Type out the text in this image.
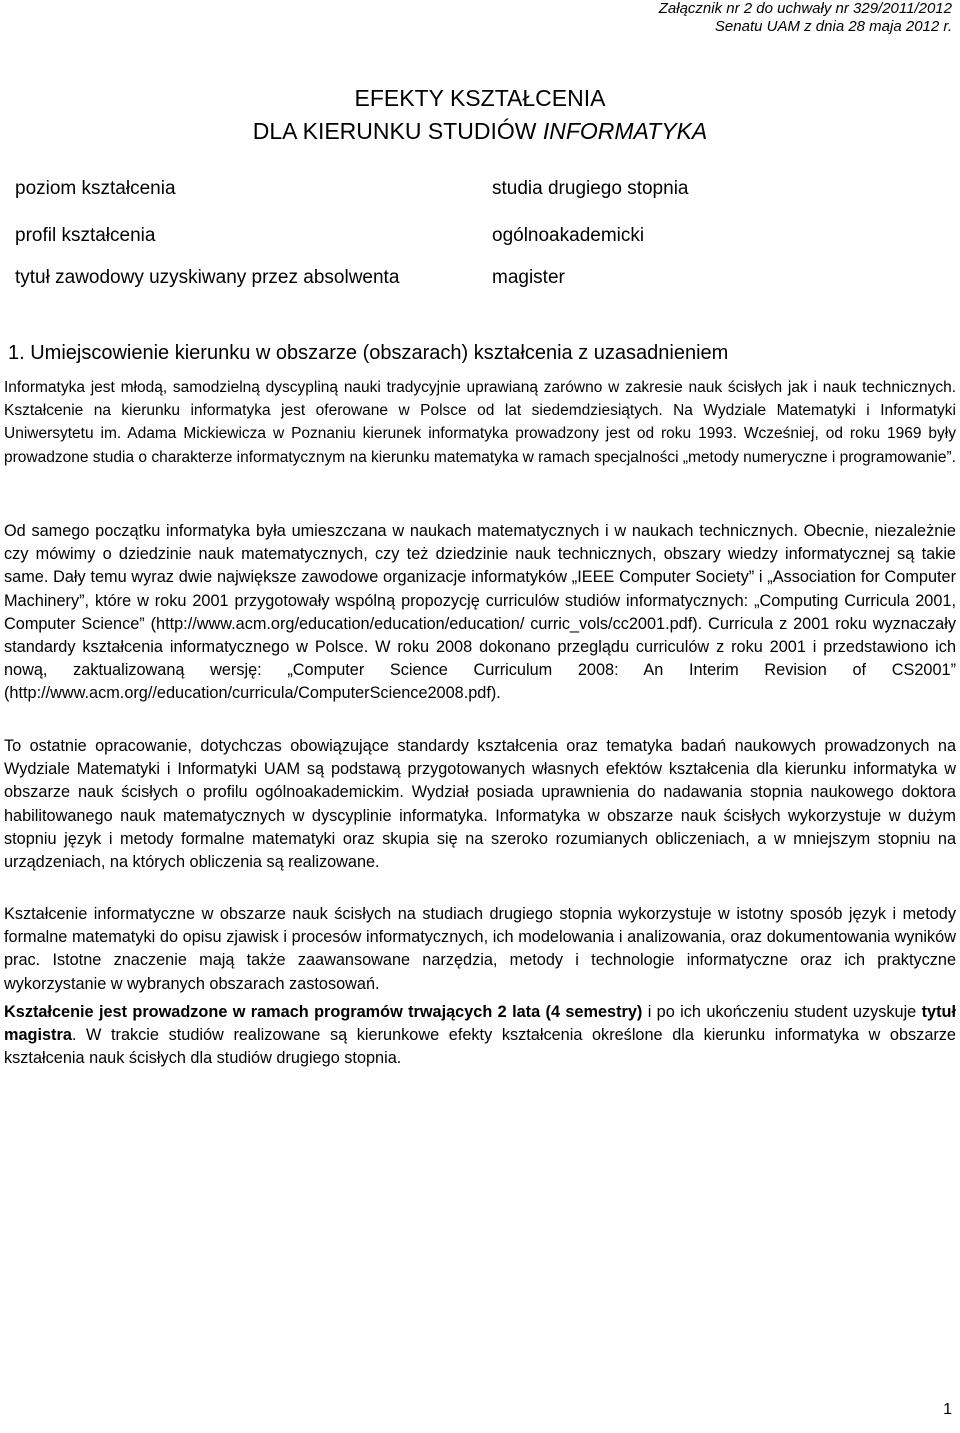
Załącznik nr 2 do uchwały nr 329/2011/2012
Senatu UAM z dnia 28 maja 2012 r.
EFEKTY KSZTAŁCENIA
DLA KIERUNKU STUDIÓW INFORMATYKA
poziom kształcenia	studia drugiego stopnia
profil kształcenia	ogólnoakademicki
tytuł zawodowy uzyskiwany przez absolwenta	magister
1. Umiejscowienie kierunku w obszarze (obszarach) kształcenia z uzasadnieniem
Informatyka jest młodą, samodzielną dyscypliną nauki tradycyjnie uprawianą zarówno w zakresie nauk ścisłych jak i nauk technicznych. Kształcenie na kierunku informatyka jest oferowane w Polsce od lat siedemdziesiątych. Na Wydziale Matematyki i Informatyki Uniwersytetu im. Adama Mickiewicza w Poznaniu kierunek informatyka prowadzony jest od roku 1993. Wcześniej, od roku 1969 były prowadzone studia o charakterze informatycznym na kierunku matematyka w ramach specjalności „metody numeryczne i programowanie”.
Od samego początku informatyka była umieszczana w naukach matematycznych i w naukach technicznych. Obecnie, niezależnie czy mówimy o dziedzinie nauk matematycznych, czy też dziedzinie nauk technicznych, obszary wiedzy informatycznej są takie same. Dały temu wyraz dwie największe zawodowe organizacje informatyków „IEEE Computer Society” i „Association for Computer Machinery”, które w roku 2001 przygotowały wspólną propozycję curriculów studiów informatycznych: „Computing Curricula 2001, Computer Science” (http://www.acm.org/education/education/education/ curric_vols/cc2001.pdf). Curricula z 2001 roku wyznaczały standardy kształcenia informatycznego w Polsce. W roku 2008 dokonano przeglądu curriculów z roku 2001 i przedstawiono ich nową, zaktualizowaną wersję: „Computer Science Curriculum 2008: An Interim Revision of CS2001” (http://www.acm.org//education/curricula/ComputerScience2008.pdf).
To ostatnie opracowanie, dotychczas obowiązujące standardy kształcenia oraz tematyka badań naukowych prowadzonych na Wydziale Matematyki i Informatyki UAM są podstawą przygotowanych własnych efektów kształcenia dla kierunku informatyka w obszarze nauk ścisłych o profilu ogólnoakademickim. Wydział posiada uprawnienia do nadawania stopnia naukowego doktora habilitowanego nauk matematycznych w dyscyplinie informatyka. Informatyka w obszarze nauk ścisłych wykorzystuje w dużym stopniu język i metody formalne matematyki oraz skupia się na szeroko rozumianych obliczeniach, a w mniejszym stopniu na urządzeniach, na których obliczenia są realizowane.
Kształcenie informatyczne w obszarze nauk ścisłych na studiach drugiego stopnia wykorzystuje w istotny sposób język i metody formalne matematyki do opisu zjawisk i procesów informatycznych, ich modelowania i analizowania, oraz dokumentowania wyników prac. Istotne znaczenie mają także zaawansowane narzędzia, metody i technologie informatyczne oraz ich praktyczne wykorzystanie w wybranych obszarach zastosowań.
Kształcenie jest prowadzone w ramach programów trwających 2 lata (4 semestry) i po ich ukończeniu student uzyskuje tytuł magistra. W trakcie studiów realizowane są kierunkowe efekty kształcenia określone dla kierunku informatyka w obszarze kształcenia nauk ścisłych dla studiów drugiego stopnia.
1
